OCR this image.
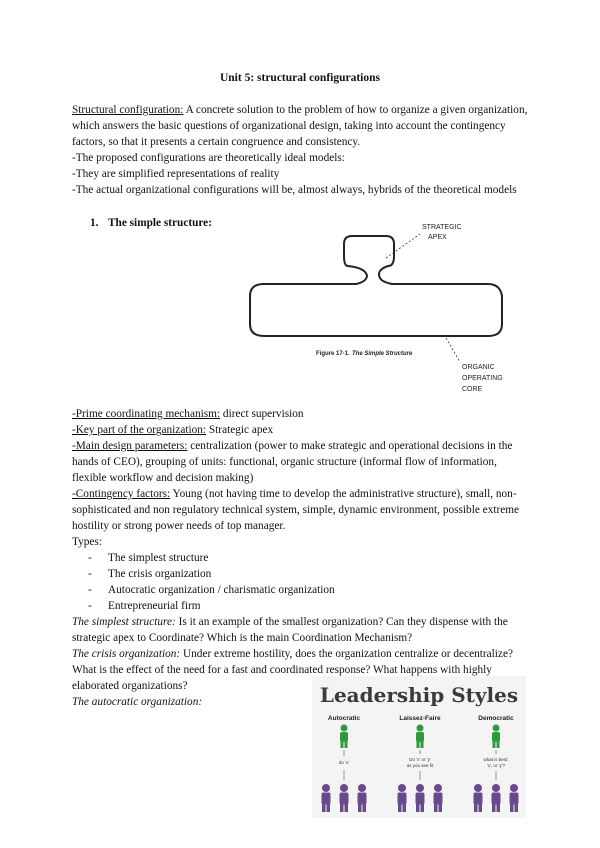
Unit 5: structural configurations
Structural configuration: A concrete solution to the problem of how to organize a given organization, which answers the basic questions of organizational design, taking into account the contingency factors, so that it presents a certain congruence and consistency.
-The proposed configurations are theoretically ideal models:
-They are simplified representations of reality
-The actual organizational configurations will be, almost always, hybrids of the theoretical models
1. The simple structure:	STRATEGIC
APEX
Figure 17-1. The Simple Structure
ORGANIC
OPERATING
CORE
-Prime coordinating mechanism: direct supervision
-Key part of the organization: Strategic apex
-Main design parameters: centralization (power to make strategic and operational decisions in the hands of CEO), grouping of units: functional, organic structure (informal flow of information, flexible workflow and decision making)
-Contingency factors: Young (not having time to develop the administrative structure), small, non-sophisticated and non regulatory technical system, simple, dynamic environment, possible extreme hostility or strong power needs of top manager.
Types:
-	The simplest structure
-	The crisis organization
-	Autocratic organization / charismatic organization
-	Entrepreneurial firm
The simplest structure: Is it an example of the smallest organization? Can they dispense with the strategic apex to Coordinate? Which is the main Coordination Mechanism?
The crisis organization: Under extreme hostility, does the organization centralize or decentralize? What is the effect of the need for a fast and coordinated response? What happens with highly elaborated organizations?
The autocratic organization:	Leadership Styles
Autocratic	Laissez-Faire	Democratic
do 'x'
Do 'x' or 'y'
as you see fit
what is best:
'x', or 'y'?
